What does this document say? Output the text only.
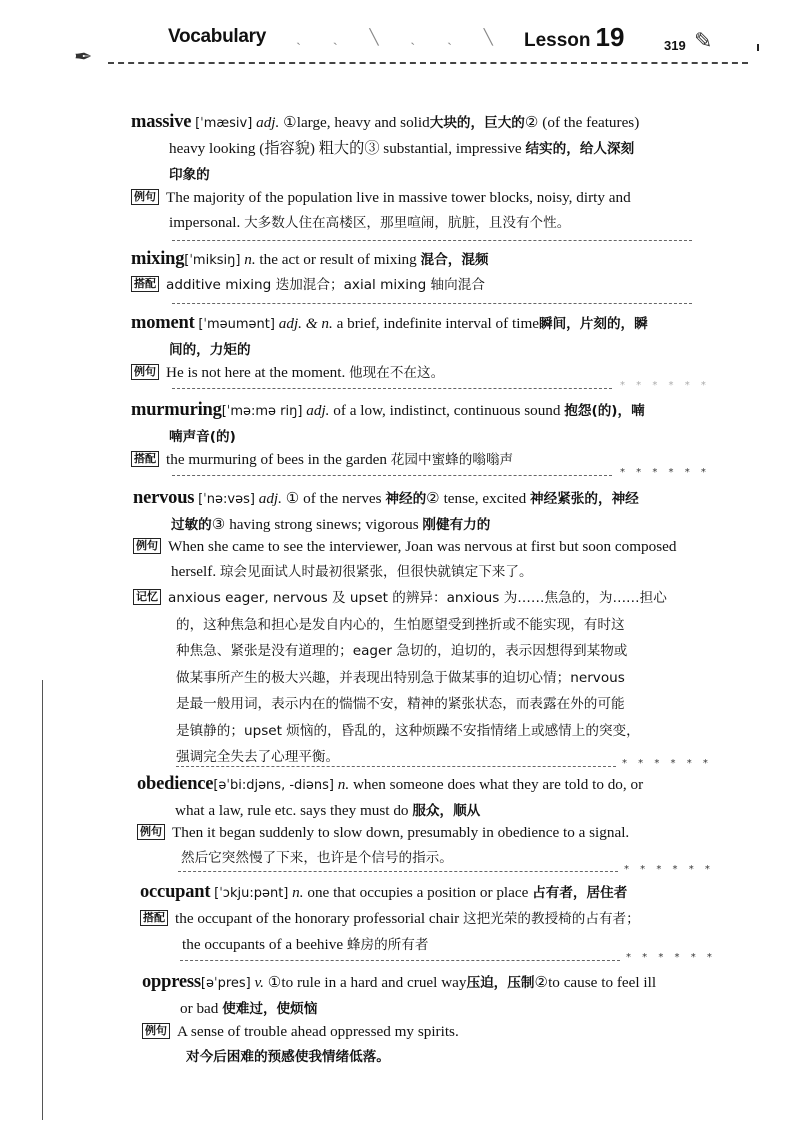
✒
Vocabulary ˎ ˏ ╲ ˏ ˎ ╲ Lesson 19	319 ✎
massive [ˈmæsiv] adj. ①large, heavy and solid大块的，巨大的② (of the features)
heavy looking (指容貌) 粗大的③ substantial, impressive 结实的，给人深刻
印象的
例句 The majority of the population live in massive tower blocks, noisy, dirty and
impersonal. 大多数人住在高楼区，那里喧闹，肮脏，且没有个性。
mixing[ˈmiksiŋ] n. the act or result of mixing 混合，混频
搭配 additive mixing 迭加混合；axial mixing 轴向混合
moment [ˈməumənt] adj. & n. a brief, indefinite interval of time瞬间，片刻的，瞬
间的，力矩的
例句 He is not here at the moment. 他现在不在这。
* * * * * *
murmuring[ˈmə:mə riŋ] adj. of a low, indistinct, continuous sound 抱怨(的)，喃
喃声音(的)
搭配 the murmuring of bees in the garden 花园中蜜蜂的嗡嗡声
* * * * * *
nervous [ˈnə:vəs] adj. ① of the nerves 神经的② tense, excited 神经紧张的，神经
过敏的③ having strong sinews; vigorous 刚健有力的
例句 When she came to see the interviewer, Joan was nervous at first but soon composed
herself. 琼会见面试人时最初很紧张，但很快就镇定下来了。
记忆 anxious eager, nervous 及 upset 的辨异：anxious 为……焦急的，为……担心
的，这种焦急和担心是发自内心的，生怕愿望受到挫折或不能实现，有时这
种焦急、紧张是没有道理的；eager 急切的，迫切的，表示因想得到某物或
做某事所产生的极大兴趣，并表现出特别急于做某事的迫切心情；nervous
是最一般用词，表示内在的惴惴不安，精神的紧张状态，而表露在外的可能
是镇静的；upset 烦恼的，昏乱的，这种烦躁不安指情绪上或感情上的突变，
强调完全失去了心理平衡。	* * * * * *
obedience[əˈbi:djəns, -diəns] n. when someone does what they are told to do, or
what a law, rule etc. says they must do 服众，顺从
例句 Then it began suddenly to slow down, presumably in obedience to a signal.
然后它突然慢了下来，也许是个信号的指示。
* * * * * *
occupant [ˈɔkju:pənt] n. one that occupies a position or place 占有者，居住者
搭配 the occupant of the honorary professorial chair 这把光荣的教授椅的占有者；
the occupants of a beehive 蜂房的所有者
* * * * * *
oppress[əˈpres] v. ①to rule in a hard and cruel way压迫，压制②to cause to feel ill
or bad 使难过，使烦恼
例句 A sense of trouble ahead oppressed my spirits.
对今后困难的预感使我情绪低落。
